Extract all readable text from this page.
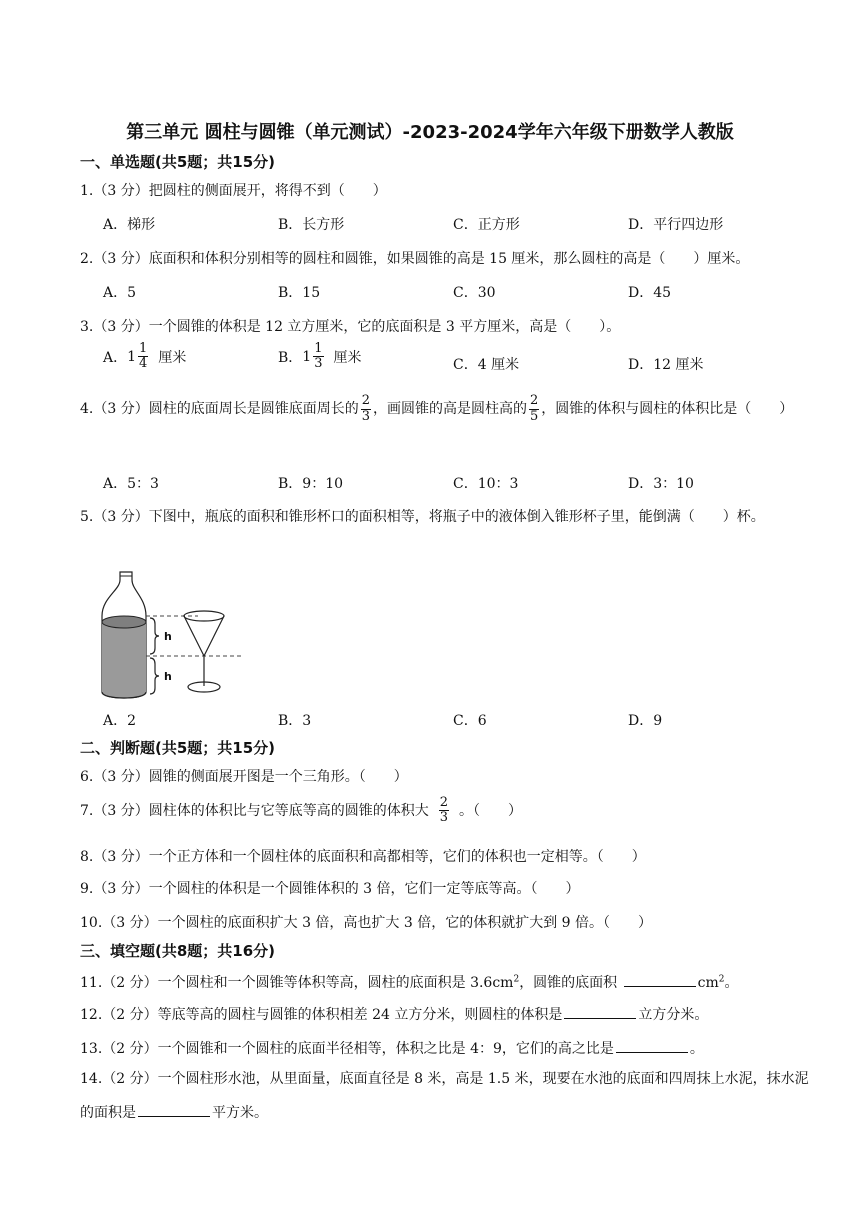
第三单元 圆柱与圆锥（单元测试）-2023-2024学年六年级下册数学人教版
一、单选题(共5题；共15分)
1.（3 分）把圆柱的侧面展开，将得不到（　　）
A．梯形	B．长方形	C．正方形	D．平行四边形
2.（3 分）底面积和体积分别相等的圆柱和圆锥，如果圆锥的高是 15 厘米，那么圆柱的高是（　　）厘米。
A．5	B．15	C．30	D．45
3.（3 分）一个圆锥的体积是 12 立方厘米，它的底面积是 3 平方厘米，高是（　　）。
A． $1 \frac{1}{4}$ 厘米	B． $1 \frac{1}{3}$ 厘米	C．4 厘米	D．12 厘米
4.（3 分）圆柱的底面周长是圆锥底面周长的 $\frac{2}{3}$ ，画圆锥的高是圆柱高的 $\frac{2}{5}$ ，圆锥的体积与圆柱的体积比是（　　）
A．5：3	B．9：10	C．10：3	D．3：10
5.（3 分）下图中，瓶底的面积和锥形杯口的面积相等，将瓶子中的液体倒入锥形杯子里，能倒满（　　）杯。
h
h
A．2	B．3	C．6	D．9
二、判断题(共5题；共15分)
6.（3 分）圆锥的侧面展开图是一个三角形。（　　）
7.（3 分）圆柱体的体积比与它等底等高的圆锥的体积大 $\frac{2}{3}$ 。（　　）
8.（3 分）一个正方体和一个圆柱体的底面积和高都相等，它们的体积也一定相等。（　　）
9.（3 分）一个圆柱的体积是一个圆锥体积的 3 倍，它们一定等底等高。（　　）
10.（3 分）一个圆柱的底面积扩大 3 倍，高也扩大 3 倍，它的体积就扩大到 9 倍。（　　）
三、填空题(共8题；共16分)
11.（2 分）一个圆柱和一个圆锥等体积等高，圆柱的底面积是 $3.6cm^2$，圆锥的底面积	$cm^2$。
12.（2 分）等底等高的圆柱与圆锥的体积相差 24 立方分米，则圆柱的体积是	立方分米。
13.（2 分）一个圆锥和一个圆柱的底面半径相等，体积之比是 4：9，它们的高之比是	。
14.（2 分）一个圆柱形水池，从里面量，底面直径是 8 米，高是 1.5 米，现要在水池的底面和四周抹上水泥，抹水泥的面积是	平方米。
